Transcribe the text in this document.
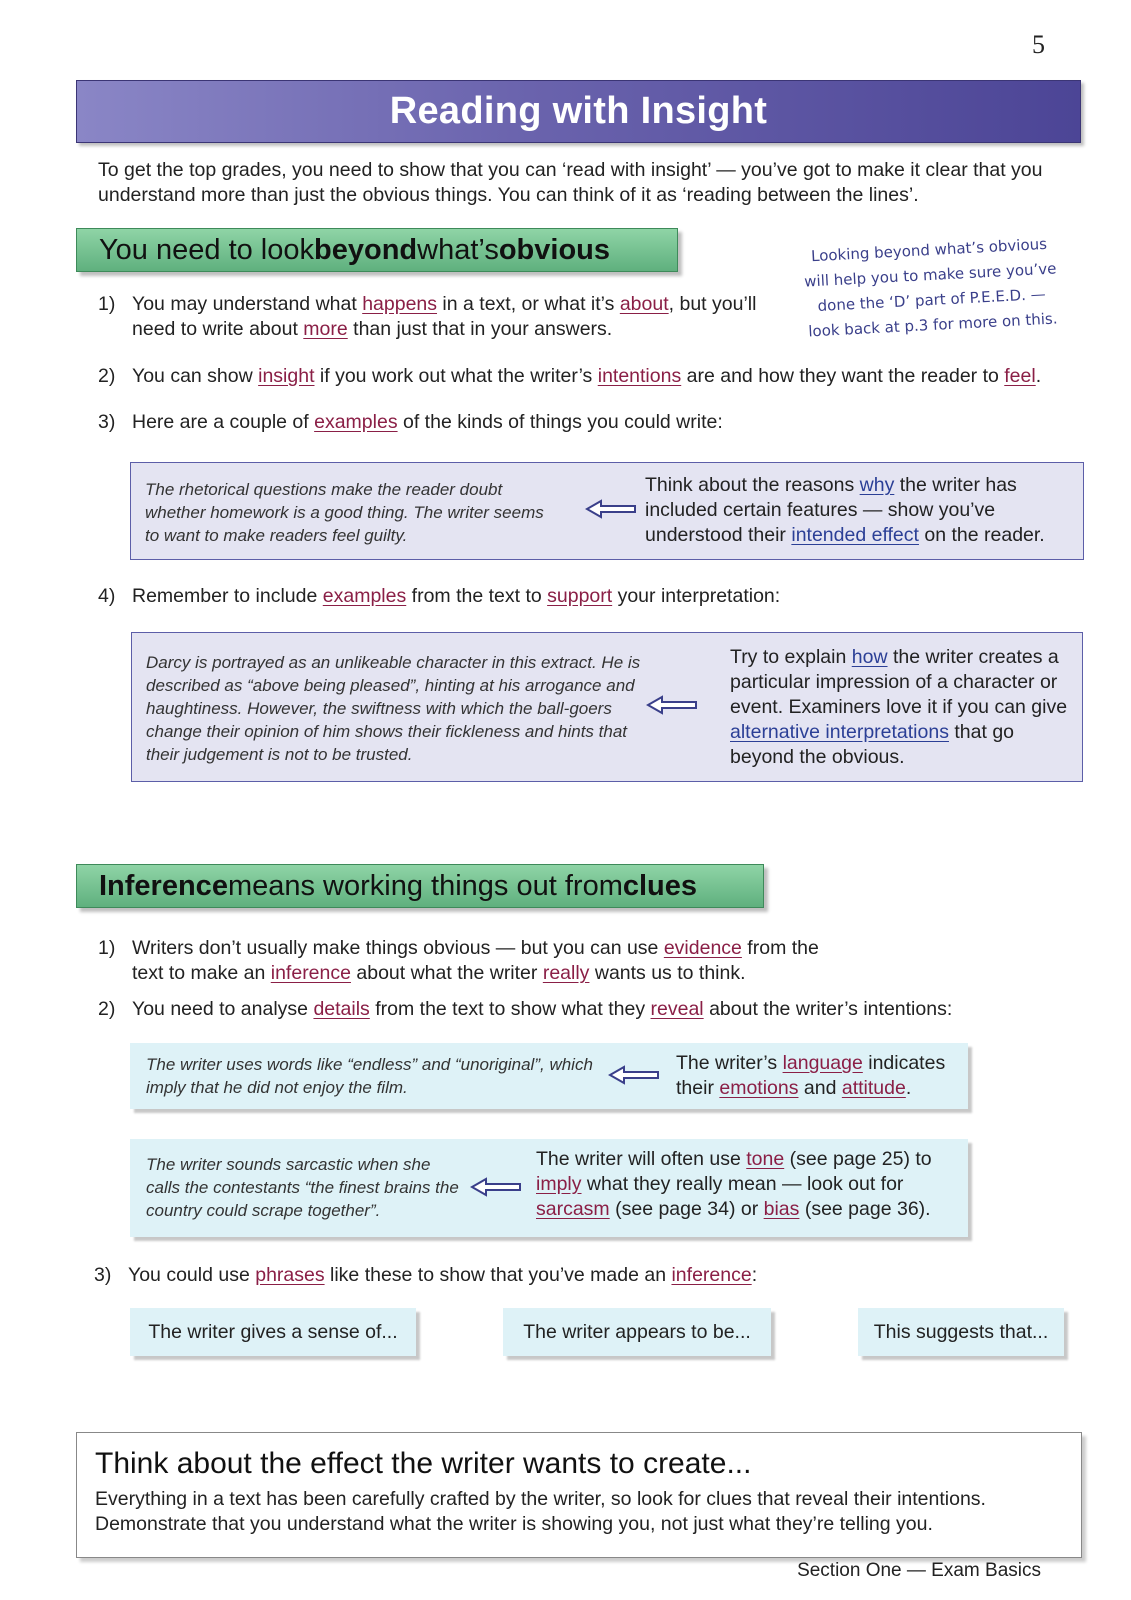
5
Reading with Insight

To get the top grades, you need to show that you can ‘read with insight’ — you’ve got to make it clear that you understand more than just the obvious things. You can think of it as ‘reading between the lines’.

You need to look beyond what’s obvious	Looking beyond what’s obvious will help you to make sure you’ve done the ‘D’ part of P.E.E.D. — look back at p.3 for more on this.
1) You may understand what happens in a text, or what it’s about, but you’ll need to write about more than just that in your answers.
2) You can show insight if you work out what the writer’s intentions are and how they want the reader to feel.
3) Here are a couple of examples of the kinds of things you could write:

The rhetorical questions make the reader doubt whether homework is a good thing. The writer seems to want to make readers feel guilty.

Think about the reasons why the writer has included certain features — show you’ve understood their intended effect on the reader.

4) Remember to include examples from the text to support your interpretation:

Darcy is portrayed as an unlikeable character in this extract. He is described as “above being pleased”, hinting at his arrogance and haughtiness. However, the swiftness with which the ball-goers change their opinion of him shows their fickleness and hints that their judgement is not to be trusted.

Try to explain how the writer creates a particular impression of a character or event. Examiners love it if you can give alternative interpretations that go beyond the obvious.

Inference means working things out from clues
1) Writers don’t usually make things obvious — but you can use evidence from the text to make an inference about what the writer really wants us to think.
2) You need to analyse details from the text to show what they reveal about the writer’s intentions:

The writer uses words like “endless” and “unoriginal”, which imply that he did not enjoy the film.

The writer’s language indicates their emotions and attitude.

The writer sounds sarcastic when she calls the contestants “the finest brains the country could scrape together”.

The writer will often use tone (see page 25) to imply what they really mean — look out for sarcasm (see page 34) or bias (see page 36).

3) You could use phrases like these to show that you’ve made an inference:
The writer gives a sense of...	The writer appears to be...	This suggests that...
Think about the effect the writer wants to create...

Everything in a text has been carefully crafted by the writer, so look for clues that reveal their intentions. Demonstrate that you understand what the writer is showing you, not just what they’re telling you.

Section One — Exam Basics
